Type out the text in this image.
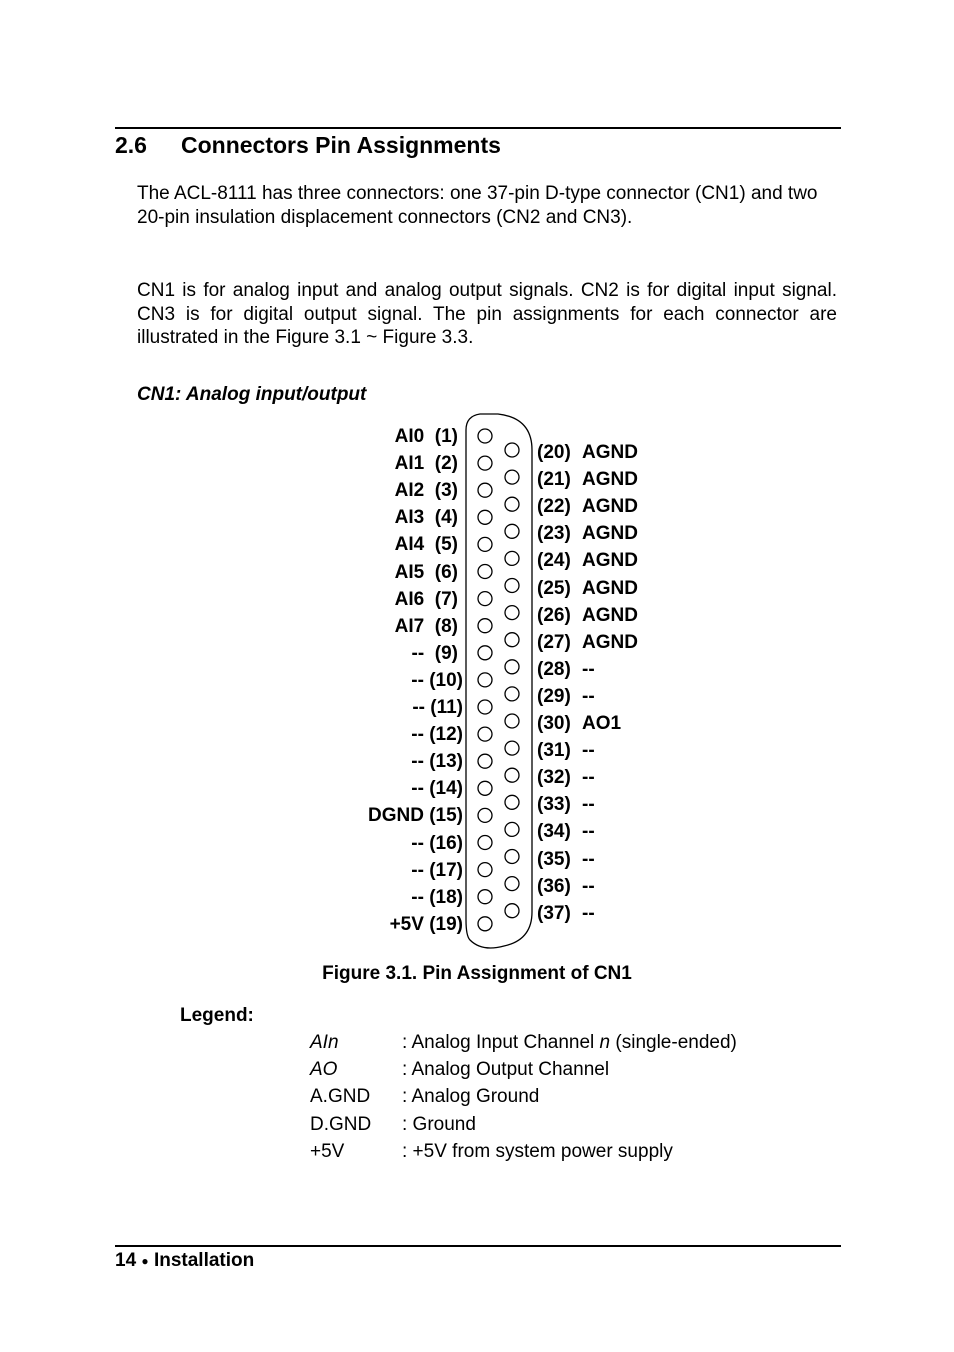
2.6 Connectors Pin Assignments

The ACL-8111 has three connectors: one 37-pin D-type connector (CN1) and two 20-pin insulation displacement connectors (CN2 and CN3).

CN1 is for analog input and analog output signals. CN2 is for digital input signal. CN3 is for digital output signal. The pin assignments for each connector are illustrated in the Figure 3.1 ~ Figure 3.3.

CN1: Analog input/output
AI0 (1)
AI1 (2)
AI2 (3)
AI3 (4)
AI4 (5)
AI5 (6)
AI6 (7)
AI7 (8)
-- (9)
-- (10)
-- (11)
-- (12)
-- (13)
-- (14)
DGND (15)
-- (16)
-- (17)
-- (18)
+5V (19)
(20) AGND
(21) AGND
(22) AGND
(23) AGND
(24) AGND
(25) AGND
(26) AGND
(27) AGND
(28) --
(29) --
(30) AO1
(31) --
(32) --
(33) --
(34) --
(35) --
(36) --
(37) --
Figure 3.1. Pin Assignment of CN1
Legend:
AIn	: Analog Input Channel n (single-ended)
AO	: Analog Output Channel
A.GND : Analog Ground
D.GND : Ground
+5V	: +5V from system power supply
14 ● Installation
